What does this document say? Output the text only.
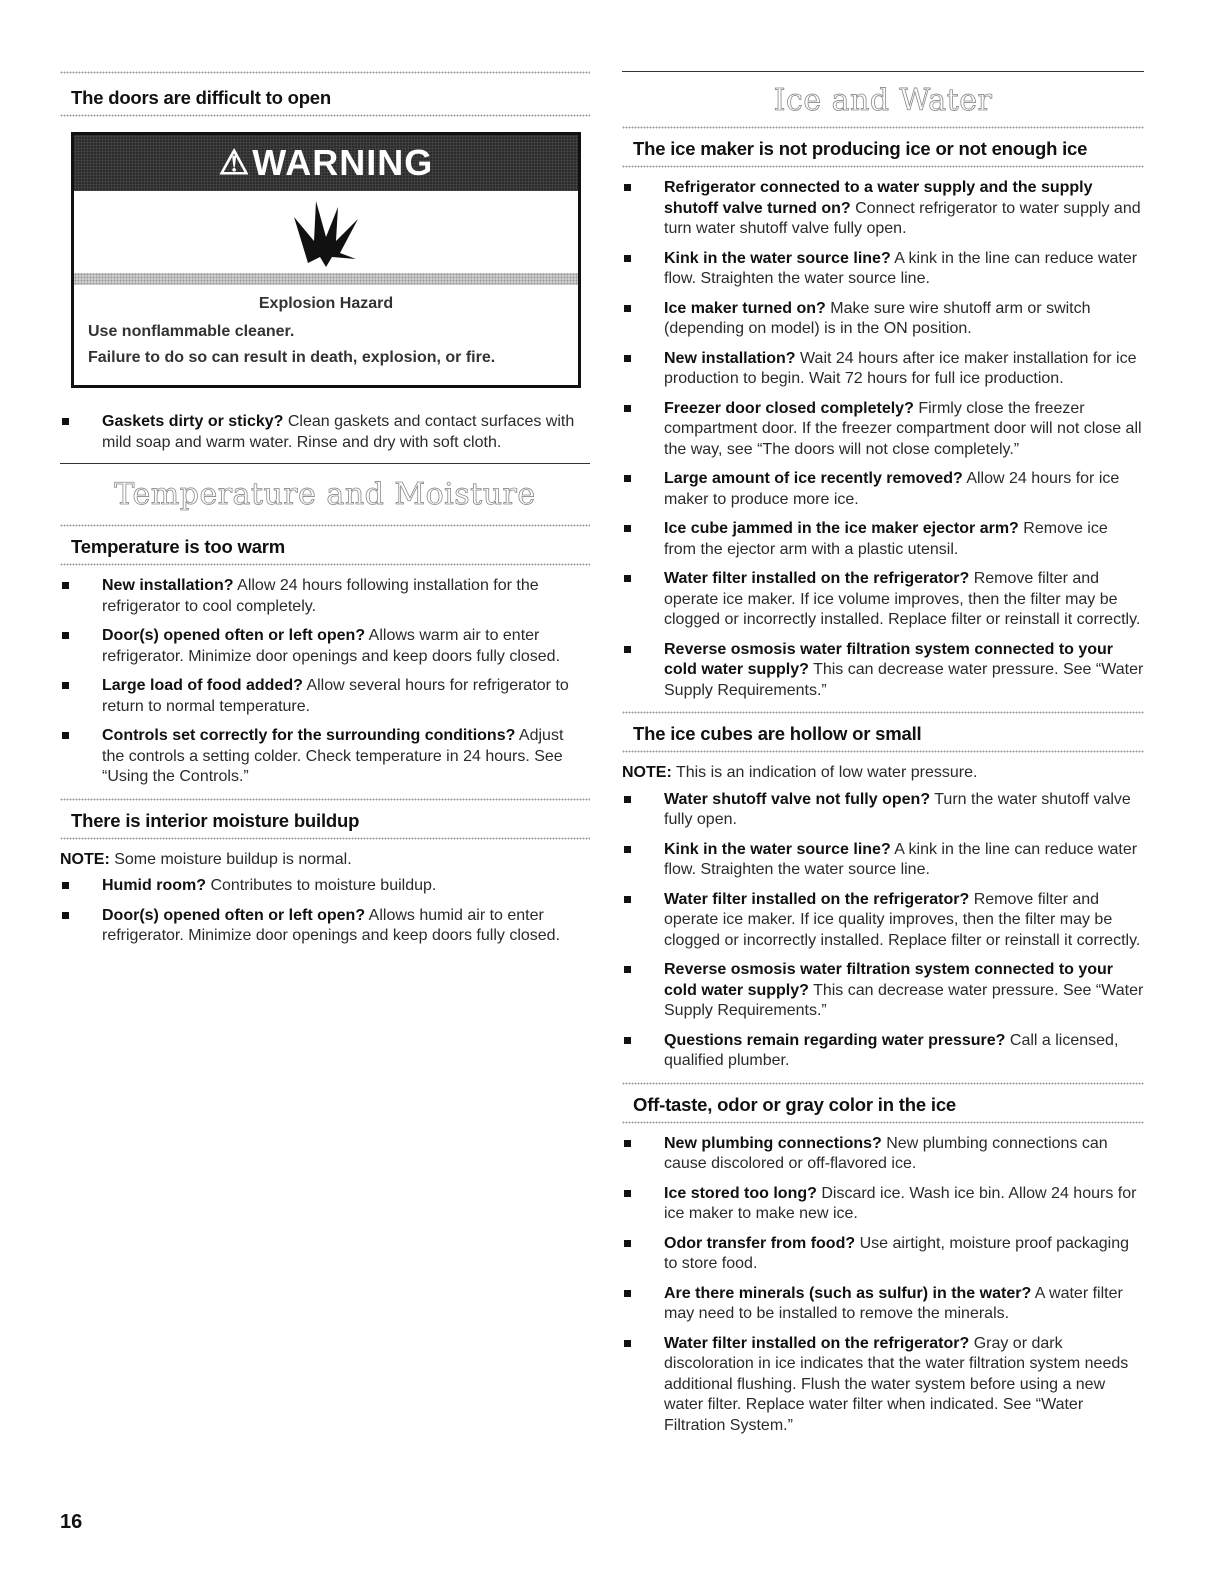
The doors are difficult to open
⚠ WARNING
Explosion Hazard

Use nonflammable cleaner.

Failure to do so can result in death, explosion, or fire.

Gaskets dirty or sticky? Clean gaskets and contact surfaces with mild soap and warm water. Rinse and dry with soft cloth.
Temperature and Moisture
Temperature is too warm
New installation? Allow 24 hours following installation for the refrigerator to cool completely.
Door(s) opened often or left open? Allows warm air to enter refrigerator. Minimize door openings and keep doors fully closed.
Large load of food added? Allow several hours for refrigerator to return to normal temperature.
Controls set correctly for the surrounding conditions? Adjust the controls a setting colder. Check temperature in 24 hours. See “Using the Controls.”
There is interior moisture buildup

NOTE: Some moisture buildup is normal.

Humid room? Contributes to moisture buildup.
Door(s) opened often or left open? Allows humid air to enter refrigerator. Minimize door openings and keep doors fully closed.
Ice and Water
The ice maker is not producing ice or not enough ice
Refrigerator connected to a water supply and the supply shutoff valve turned on? Connect refrigerator to water supply and turn water shutoff valve fully open.
Kink in the water source line? A kink in the line can reduce water flow. Straighten the water source line.
Ice maker turned on? Make sure wire shutoff arm or switch (depending on model) is in the ON position.
New installation? Wait 24 hours after ice maker installation for ice production to begin. Wait 72 hours for full ice production.
Freezer door closed completely? Firmly close the freezer compartment door. If the freezer compartment door will not close all the way, see “The doors will not close completely.”
Large amount of ice recently removed? Allow 24 hours for ice maker to produce more ice.
Ice cube jammed in the ice maker ejector arm? Remove ice from the ejector arm with a plastic utensil.
Water filter installed on the refrigerator? Remove filter and operate ice maker. If ice volume improves, then the filter may be clogged or incorrectly installed. Replace filter or reinstall it correctly.
Reverse osmosis water filtration system connected to your cold water supply? This can decrease water pressure. See “Water Supply Requirements.”
The ice cubes are hollow or small

NOTE: This is an indication of low water pressure.

Water shutoff valve not fully open? Turn the water shutoff valve fully open.
Kink in the water source line? A kink in the line can reduce water flow. Straighten the water source line.
Water filter installed on the refrigerator? Remove filter and operate ice maker. If ice quality improves, then the filter may be clogged or incorrectly installed. Replace filter or reinstall it correctly.
Reverse osmosis water filtration system connected to your cold water supply? This can decrease water pressure. See “Water Supply Requirements.”
Questions remain regarding water pressure? Call a licensed, qualified plumber.
Off-taste, odor or gray color in the ice
New plumbing connections? New plumbing connections can cause discolored or off-flavored ice.
Ice stored too long? Discard ice. Wash ice bin. Allow 24 hours for ice maker to make new ice.
Odor transfer from food? Use airtight, moisture proof packaging to store food.
Are there minerals (such as sulfur) in the water? A water filter may need to be installed to remove the minerals.
Water filter installed on the refrigerator? Gray or dark discoloration in ice indicates that the water filtration system needs additional flushing. Flush the water system before using a new water filter. Replace water filter when indicated. See “Water Filtration System.”
16
